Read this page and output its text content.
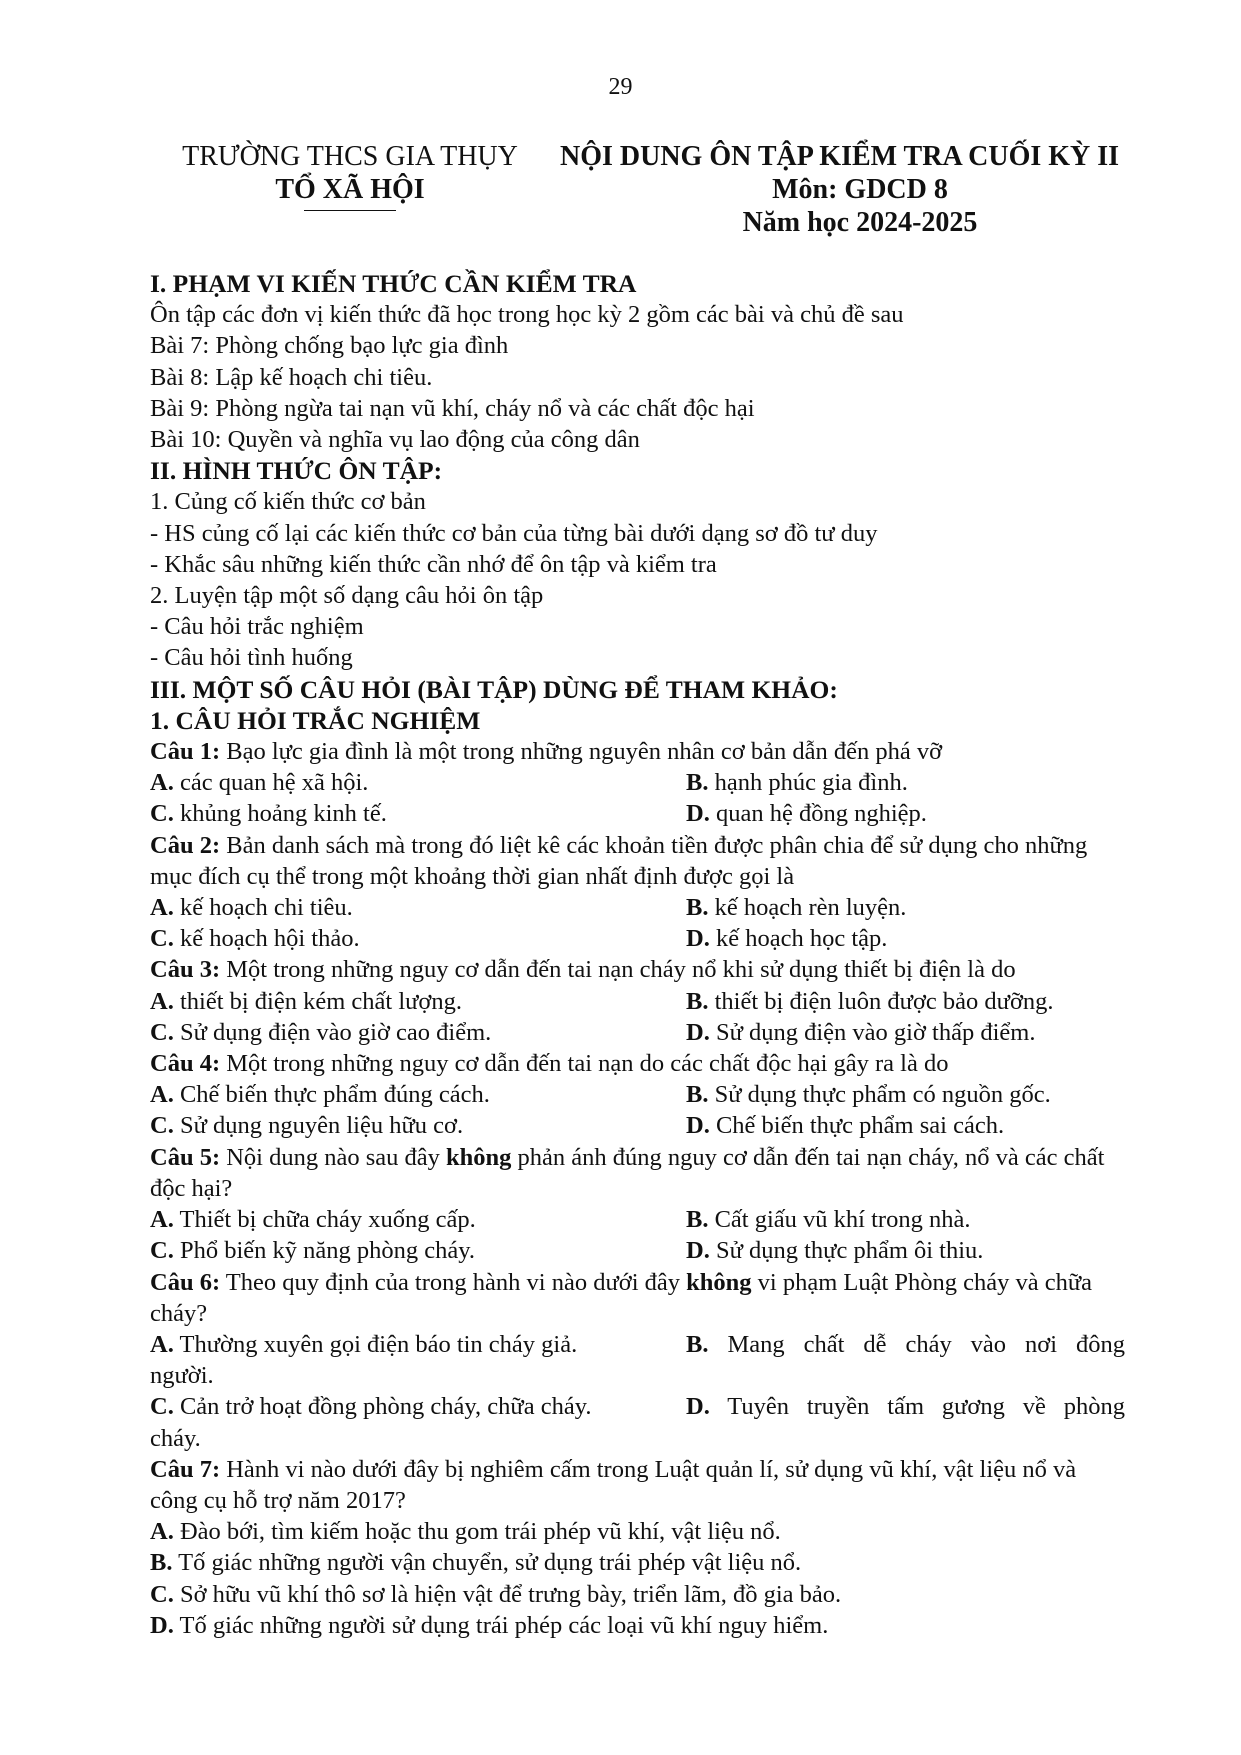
29
TRƯỜNG THCS GIA THỤY
TỔ XÃ HỘI
NỘI DUNG ÔN TẬP KIỂM TRA CUỐI KỲ II
Môn: GDCD 8
Năm học 2024-2025

I. PHẠM VI KIẾN THỨC CẦN KIỂM TRA

Ôn tập các đơn vị kiến thức đã học trong học kỳ 2 gồm các bài và chủ đề sau

Bài 7: Phòng chống bạo lực gia đình

Bài 8: Lập kế hoạch chi tiêu.

Bài 9: Phòng ngừa tai nạn vũ khí, cháy nổ và các chất độc hại

Bài 10: Quyền và nghĩa vụ lao động của công dân

II. HÌNH THỨC ÔN TẬP:

1. Củng cố kiến thức cơ bản

- HS củng cố lại các kiến thức cơ bản của từng bài dưới dạng sơ đồ tư duy

- Khắc sâu những kiến thức cần nhớ để ôn tập và kiểm tra

2. Luyện tập một số dạng câu hỏi ôn tập

- Câu hỏi trắc nghiệm

- Câu hỏi tình huống

III. MỘT SỐ CÂU HỎI (BÀI TẬP) DÙNG ĐỂ THAM KHẢO:

1. CÂU HỎI TRẮC NGHIỆM

Câu 1: Bạo lực gia đình là một trong những nguyên nhân cơ bản dẫn đến phá vỡ

A. các quan hệ xã hội.	B. hạnh phúc gia đình.
C. khủng hoảng kinh tế.	D. quan hệ đồng nghiệp.

Câu 2: Bản danh sách mà trong đó liệt kê các khoản tiền được phân chia để sử dụng cho những mục đích cụ thể trong một khoảng thời gian nhất định được gọi là

A. kế hoạch chi tiêu.	B. kế hoạch rèn luyện.
C. kế hoạch hội thảo.	D. kế hoạch học tập.

Câu 3: Một trong những nguy cơ dẫn đến tai nạn cháy nổ khi sử dụng thiết bị điện là do

A. thiết bị điện kém chất lượng.	B. thiết bị điện luôn được bảo dưỡng.
C. Sử dụng điện vào giờ cao điểm.	D. Sử dụng điện vào giờ thấp điểm.

Câu 4: Một trong những nguy cơ dẫn đến tai nạn do các chất độc hại gây ra là do

A. Chế biến thực phẩm đúng cách.	B. Sử dụng thực phẩm có nguồn gốc.
C. Sử dụng nguyên liệu hữu cơ.	D. Chế biến thực phẩm sai cách.

Câu 5: Nội dung nào sau đây không phản ánh đúng nguy cơ dẫn đến tai nạn cháy, nổ và các chất độc hại?

A. Thiết bị chữa cháy xuống cấp.	B. Cất giấu vũ khí trong nhà.
C. Phổ biến kỹ năng phòng cháy.	D. Sử dụng thực phẩm ôi thiu.

Câu 6: Theo quy định của trong hành vi nào dưới đây không vi phạm Luật Phòng cháy và chữa cháy?

A. Thường xuyên gọi điện báo tin cháy giả.	B. Mang chất dễ cháy vào nơi đông

người.

C. Cản trở hoạt đồng phòng cháy, chữa cháy.	D. Tuyên truyền tấm gương về phòng

cháy.

Câu 7: Hành vi nào dưới đây bị nghiêm cấm trong Luật quản lí, sử dụng vũ khí, vật liệu nổ và công cụ hỗ trợ năm 2017?

A. Đào bới, tìm kiếm hoặc thu gom trái phép vũ khí, vật liệu nổ.

B. Tố giác những người vận chuyển, sử dụng trái phép vật liệu nổ.

C. Sở hữu vũ khí thô sơ là hiện vật để trưng bày, triển lãm, đồ gia bảo.

D. Tố giác những người sử dụng trái phép các loại vũ khí nguy hiểm.
